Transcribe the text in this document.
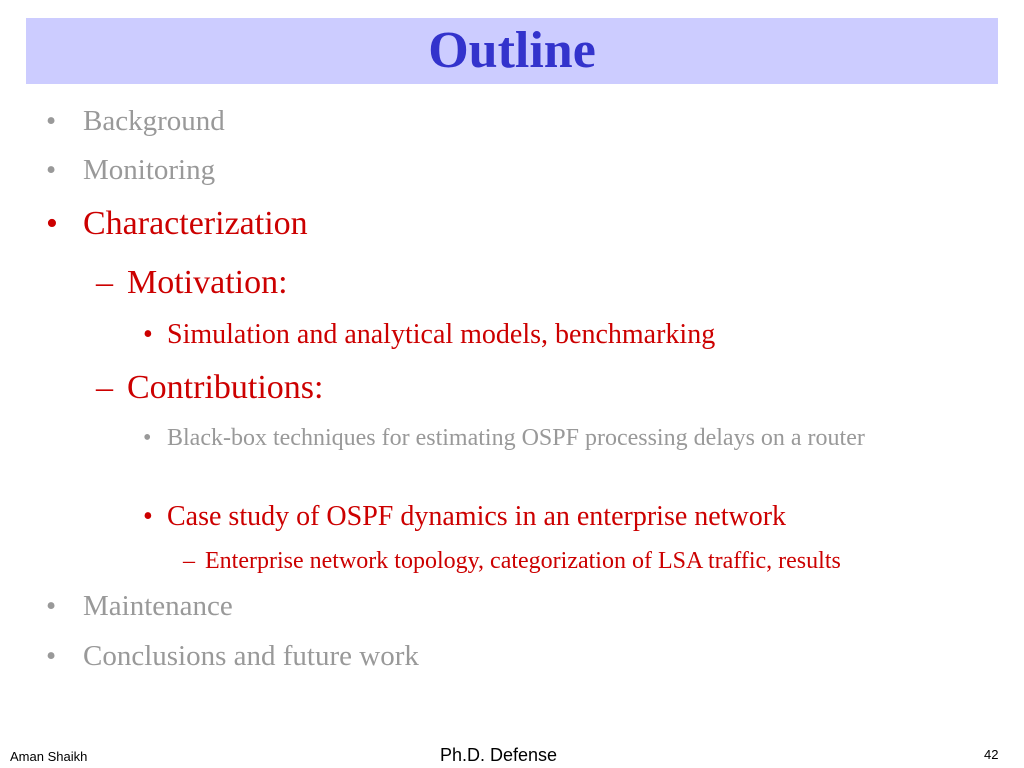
Outline
• Background
• Monitoring
• Characterization
– Motivation:
• Simulation and analytical models, benchmarking
– Contributions:
• Black-box techniques for estimating OSPF processing delays on a router
• Case study of OSPF dynamics in an enterprise network
– Enterprise network topology, categorization of LSA traffic, results
• Maintenance
• Conclusions and future work
Aman Shaikh	Ph.D. Defense	42
